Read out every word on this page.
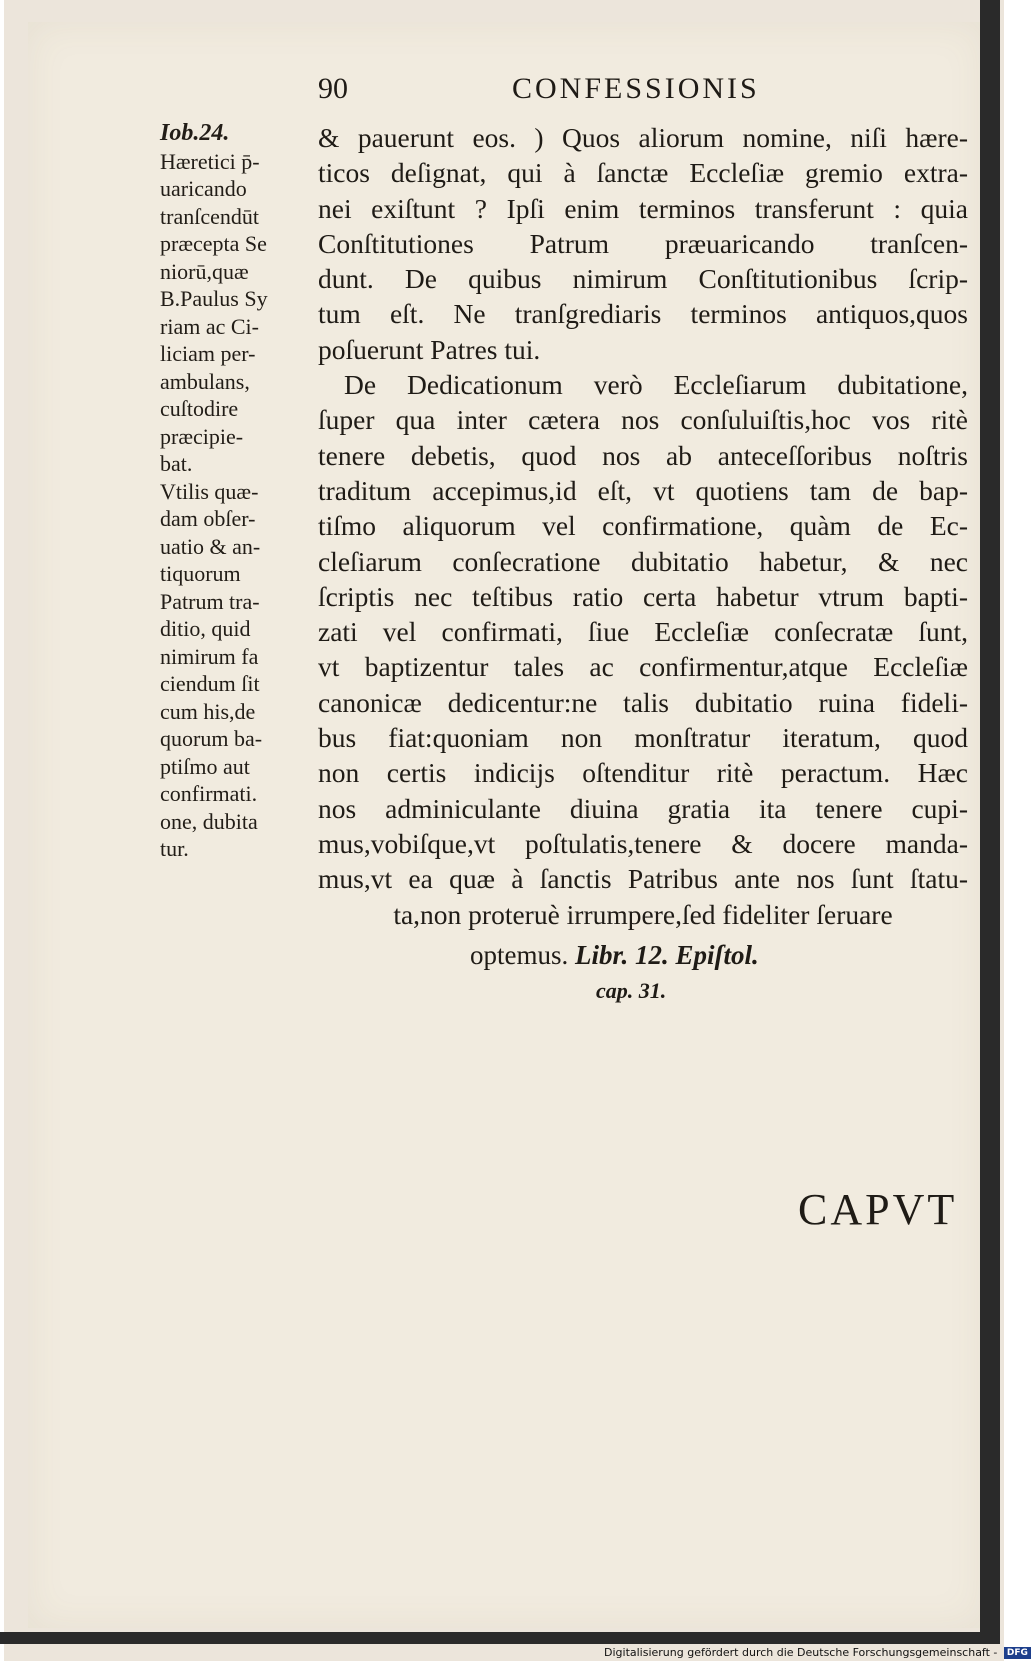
90	CONFESSIONIS
Iob.24.
Hæretici p̄-
uaricando
tranſcendūt
præcepta Se
niorū,quæ
B.Paulus Sy
riam ac Ci-
liciam per-
ambulans,
cuſtodire
præcipie-
bat.
Vtilis quæ-
dam obſer-
uatio & an-
tiquorum
Patrum tra-
ditio, quid
nimirum fa
ciendum ſit
cum his,de
quorum ba-
ptiſmo aut
confirmati.
one, dubita
tur.
& pauerunt eos. ) Quos aliorum nomine, niſi hære-
ticos deſignat, qui à ſanctæ Eccleſiæ gremio extra-
nei exiſtunt ? Ipſi enim terminos transferunt : quia
Conſtitutiones Patrum præuaricando tranſcen-
dunt. De quibus nimirum Conſtitutionibus ſcrip-
tum eſt. Ne tranſgrediaris terminos antiquos,quos
poſuerunt Patres tui.
De Dedicationum verò Eccleſiarum dubitatione,
ſuper qua inter cætera nos conſuluiſtis,hoc vos ritè
tenere debetis, quod nos ab anteceſſoribus noſtris
traditum accepimus,id eſt, vt quotiens tam de bap-
tiſmo aliquorum vel confirmatione, quàm de Ec-
cleſiarum conſecratione dubitatio habetur, & nec
ſcriptis nec teſtibus ratio certa habetur vtrum bapti-
zati vel confirmati, ſiue Eccleſiæ conſecratæ ſunt,
vt baptizentur tales ac confirmentur,atque Eccleſiæ
canonicæ dedicentur:ne talis dubitatio ruina fideli-
bus fiat:quoniam non monſtratur iteratum, quod
non certis indicijs oſtenditur ritè peractum. Hæc
nos adminiculante diuina gratia ita tenere cupi-
mus,vobiſque,vt poſtulatis,tenere & docere manda-
mus,vt ea quæ à ſanctis Patribus ante nos ſunt ſtatu-
ta,non proteruè irrumpere,ſed fideliter ſeruare
optemus. Libr. 12. Epiſtol.
cap. 31.
CAPVT
Digitalisierung gefördert durch die Deutsche Forschungsgemeinschaft - DFG
